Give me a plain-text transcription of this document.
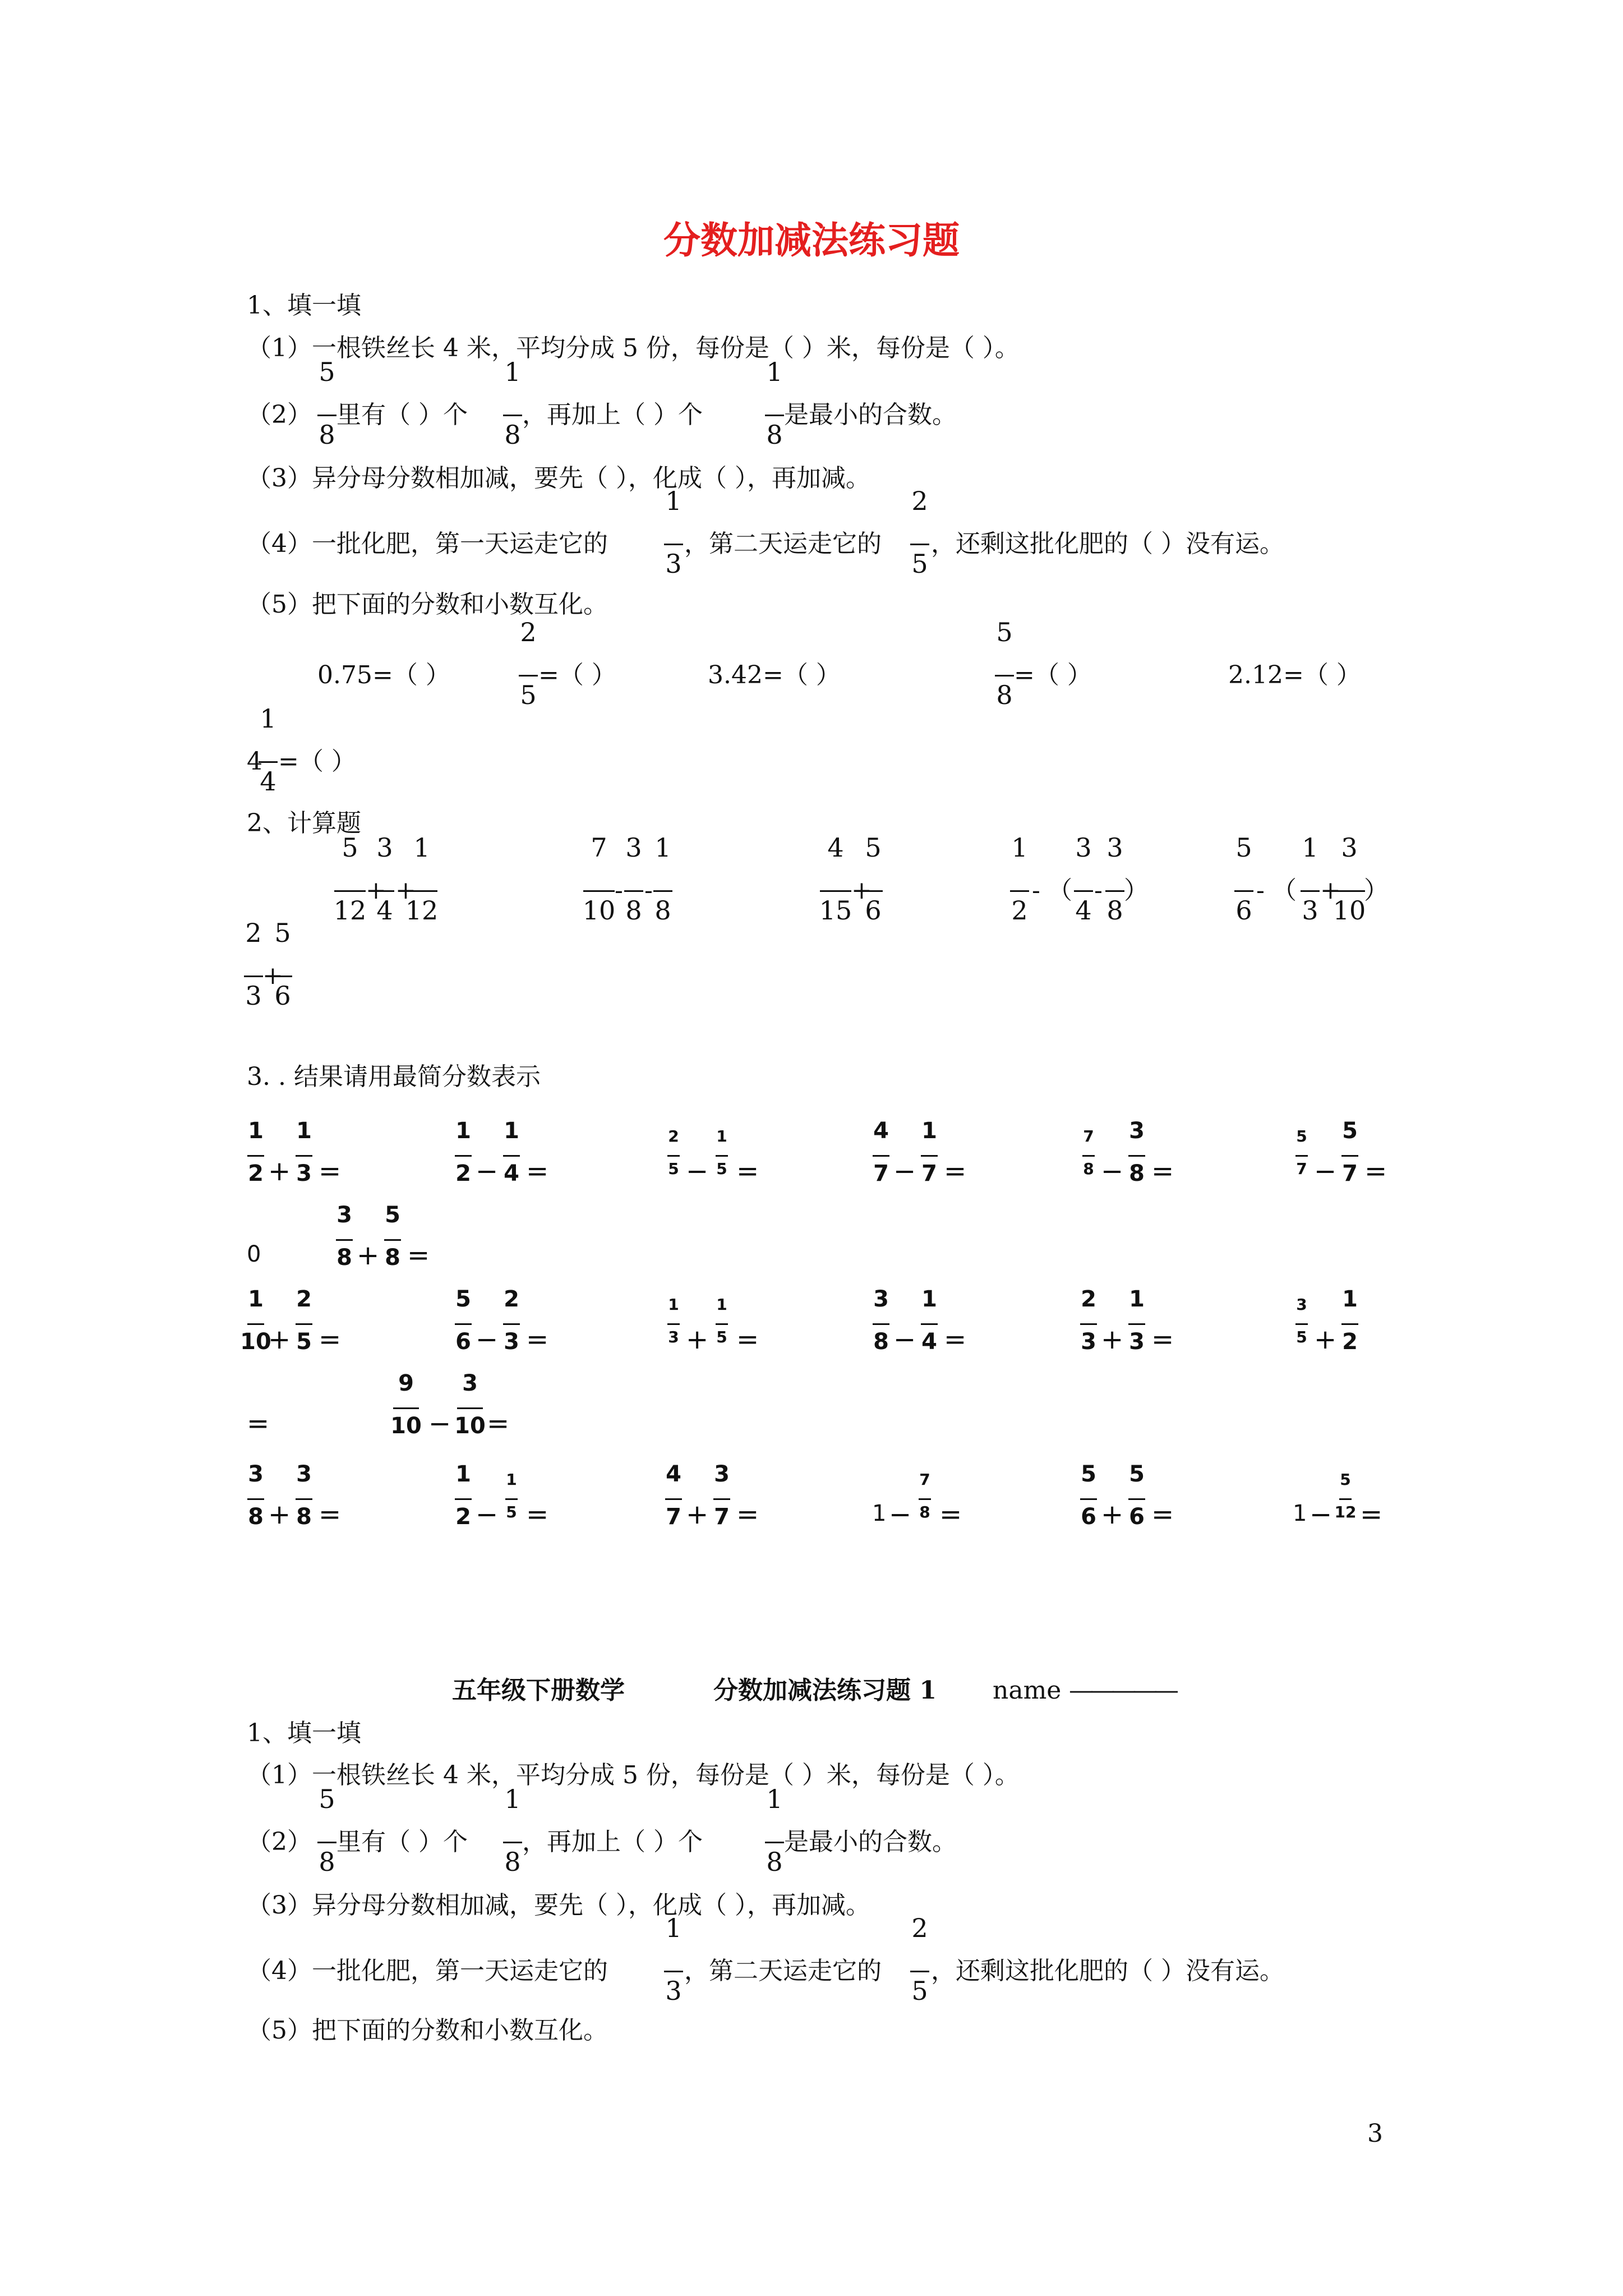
分数加减法练习题
1、填一填
（1）一根铁丝长 4 米，平均分成 5 份，每份是（ ）米，每份是（ ）。
（2）
5
8
里有（ ）个
1
8
，再加上（ ）个
1
8
是最小的合数。
（3）异分母分数相加减，要先（ ），化成（ ），再加减。
（4）一批化肥，第一天运走它的
1
3
，第二天运走它的
2
5
，还剩这批化肥的（ ）没有运。
（5）把下面的分数和小数互化。
0.75=（ ）
2
5
=（ ）	3.42=（ ）
5
8
=（ ）	2.12=（ ）
4
1
4
=（ ）
2、计算题
5
12
+
3
4
+
1
12
7
10
-
3
8
-
1
8
4
15
+
5
6
1
2
- （
3
4
-
3
8
）
5
6
- （
1
3
+
3
10
）
2
3
+
5
6
3. . 结果请用最简分数表示
1
2 +
1
3 =
1
2 −
1
4 =
2
5 −
1
5 =
4
7 −
1
7 =
7
8 −
3
8 =
5
7 −
5
7 =
1
10
+
2
5 =
5
6 −
2
3 =
1
3 +
1
5 =
3
8 −
1
4 =
2
3 +
1
3 =
3
5 +
1
2
3
8 +
3
8 =
1
2 −
1
5 =
4
7 +
3
7 =	1 −
7
8 =
5
6 +
5
6 =	1 −
5
12 =
0
3
8 +
5
8 =
=
9
10 −
3
10 =
五年级下册数学	分数加减法练习题 1 name —————
1、填一填
（1）一根铁丝长 4 米，平均分成 5 份，每份是（ ）米，每份是（ ）。
（2）
5
8
里有（ ）个
1
8
，再加上（ ）个
1
8
是最小的合数。
（3）异分母分数相加减，要先（ ），化成（ ），再加减。
（4）一批化肥，第一天运走它的
1
3
，第二天运走它的
2
5
，还剩这批化肥的（ ）没有运。
（5）把下面的分数和小数互化。
3
